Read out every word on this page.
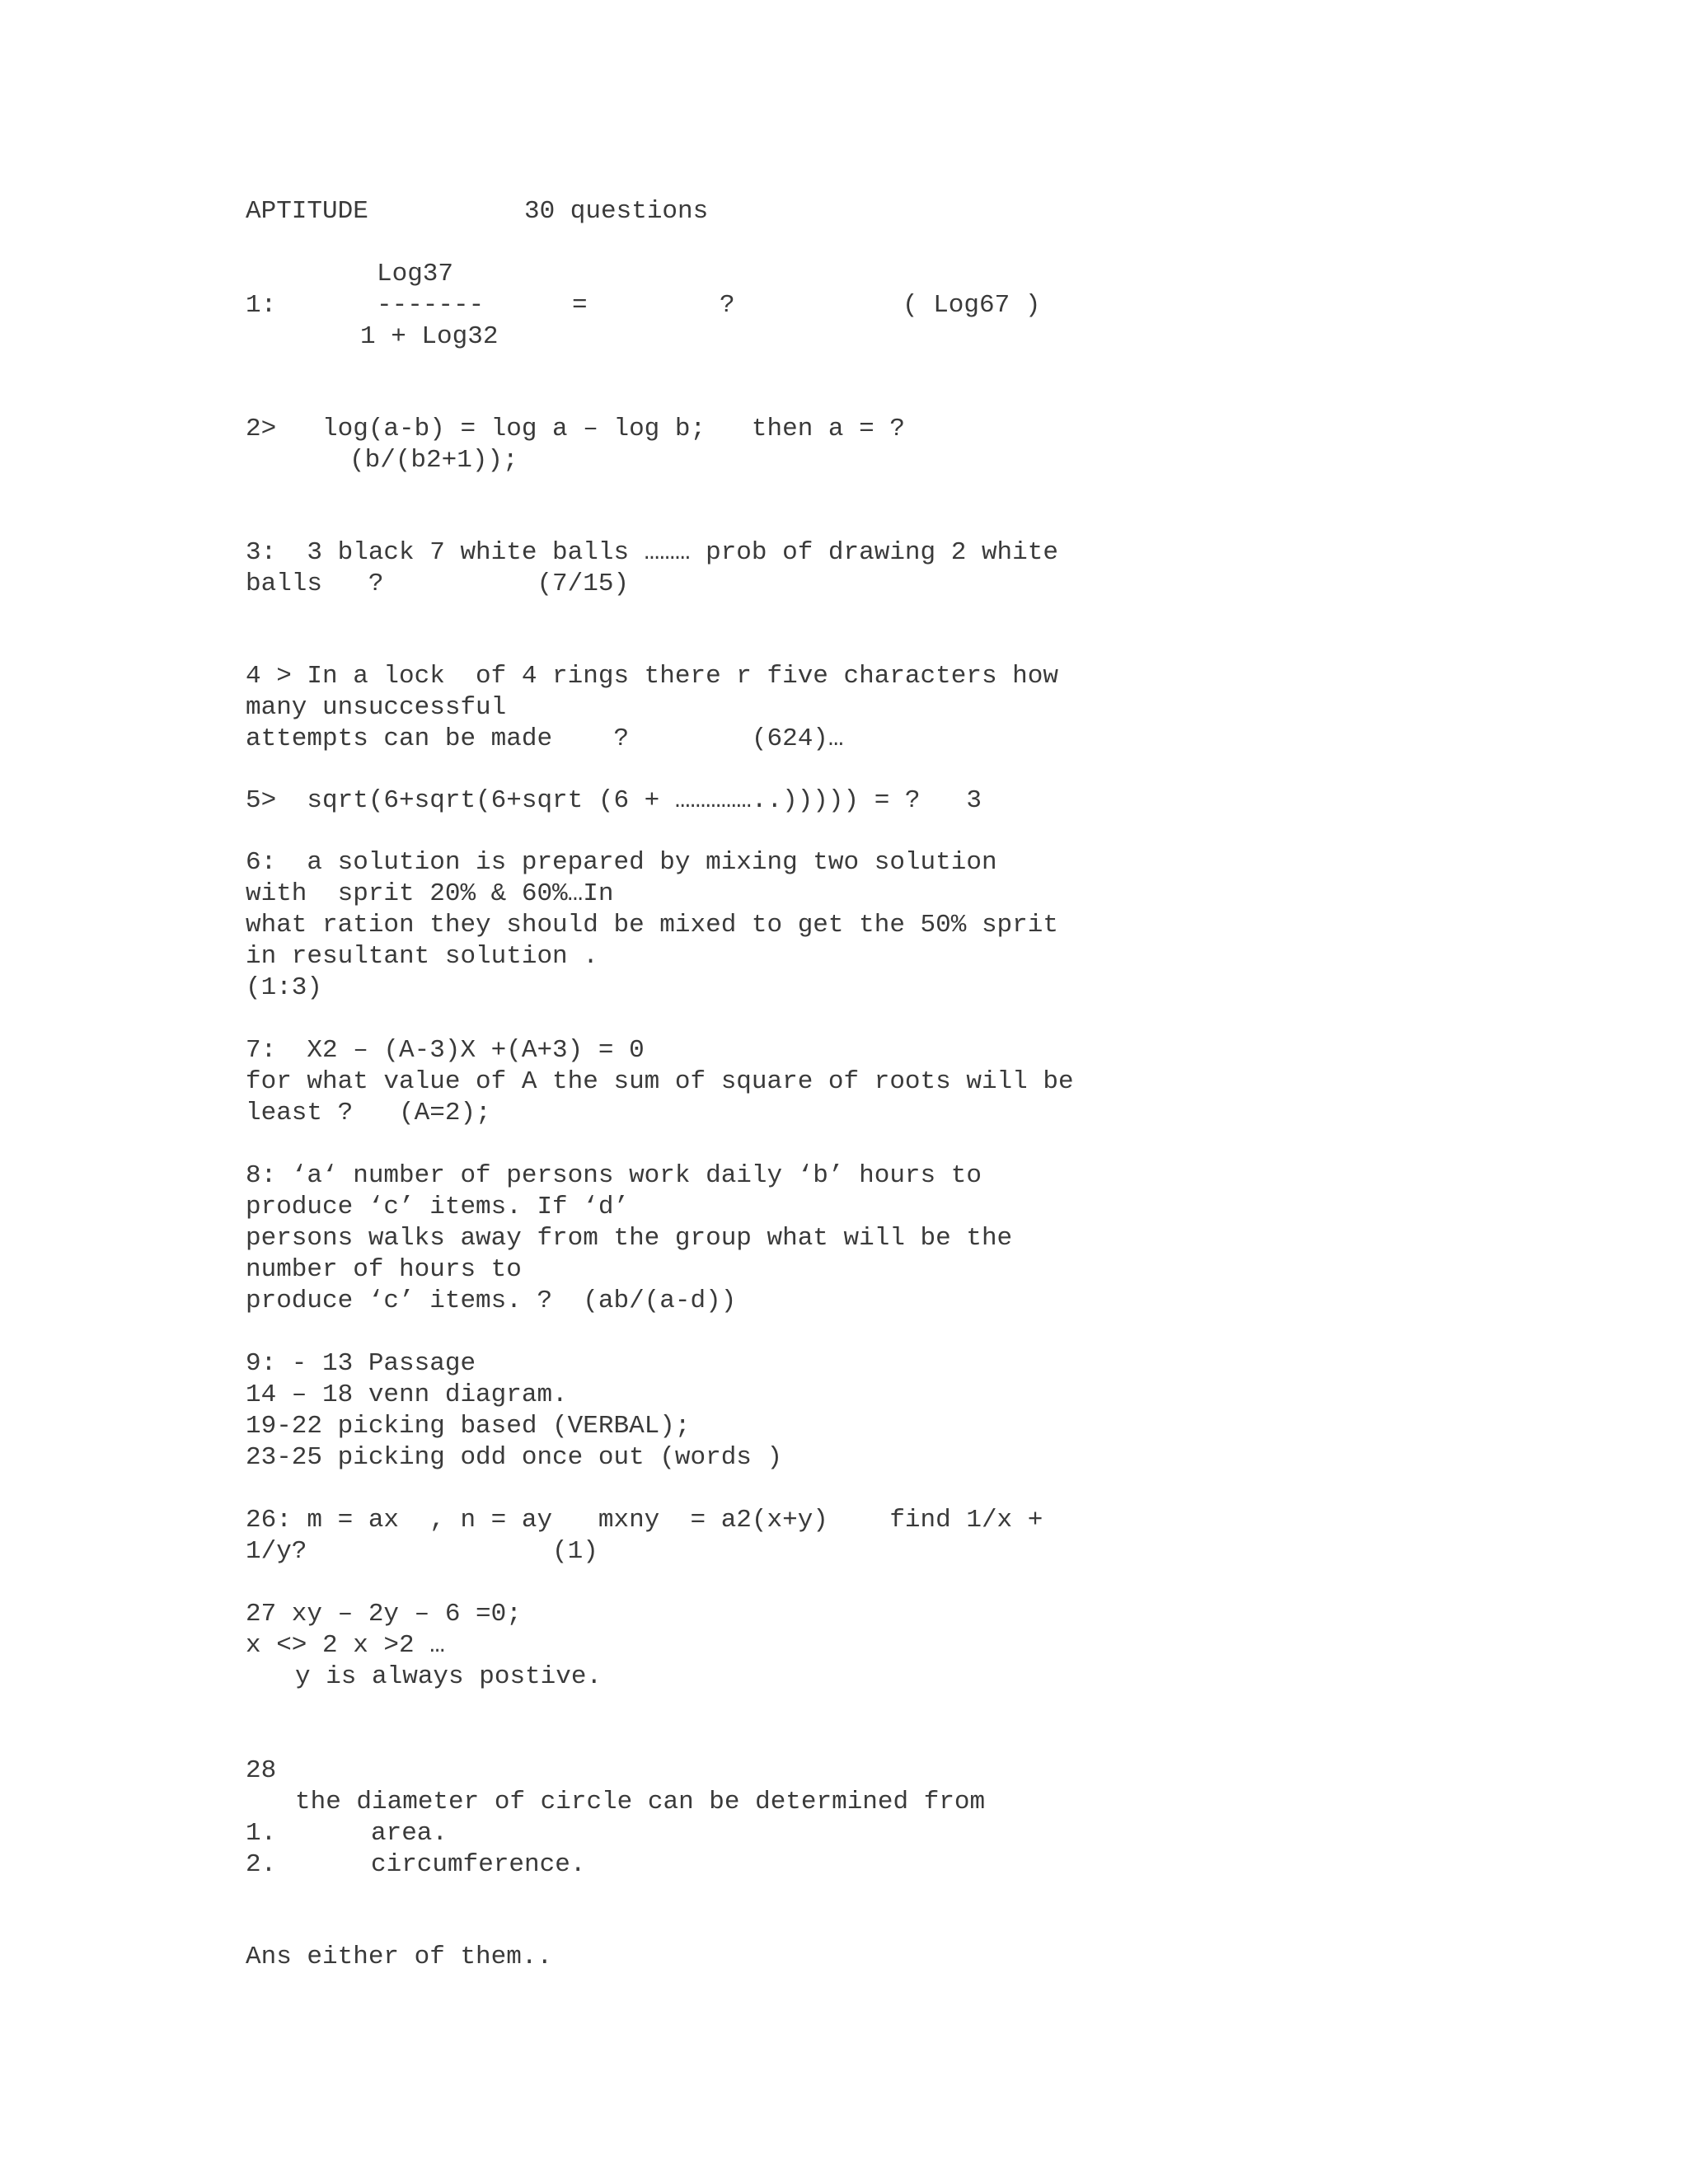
APTITUDE	30 questions
Log37
1:	-------	=	?	( Log67 )
1 + Log32
2>   log(a-b) = log a – log b;   then a = ?
(b/(b2+1));
3:  3 black 7 white balls ……… prob of drawing 2 white
balls   ?          (7/15)
4 > In a lock  of 4 rings there r five characters how
many unsuccessful
attempts can be made    ?        (624)…
5>  sqrt(6+sqrt(6+sqrt (6 + ……………..))))) = ?   3
6:  a solution is prepared by mixing two solution
with  sprit 20% & 60%…In
what ration they should be mixed to get the 50% sprit
in resultant solution .
(1:3)
7:  X2 – (A-3)X +(A+3) = 0
for what value of A the sum of square of roots will be
least ?   (A=2);
8: ‘a‘ number of persons work daily ‘b’ hours to
produce ‘c’ items. If ‘d’
persons walks away from the group what will be the
number of hours to
produce ‘c’ items. ?  (ab/(a-d))
9: - 13 Passage
14 – 18 venn diagram.
19-22 picking based (VERBAL);
23-25 picking odd once out (words )
26: m = ax  , n = ay   mxny  = a2(x+y)    find 1/x +
1/y?                (1)
27 xy – 2y – 6 =0;
x <> 2 x >2 …
y is always postive.
28
the diameter of circle can be determined from
1.	area.
2.	circumference.
Ans either of them..
